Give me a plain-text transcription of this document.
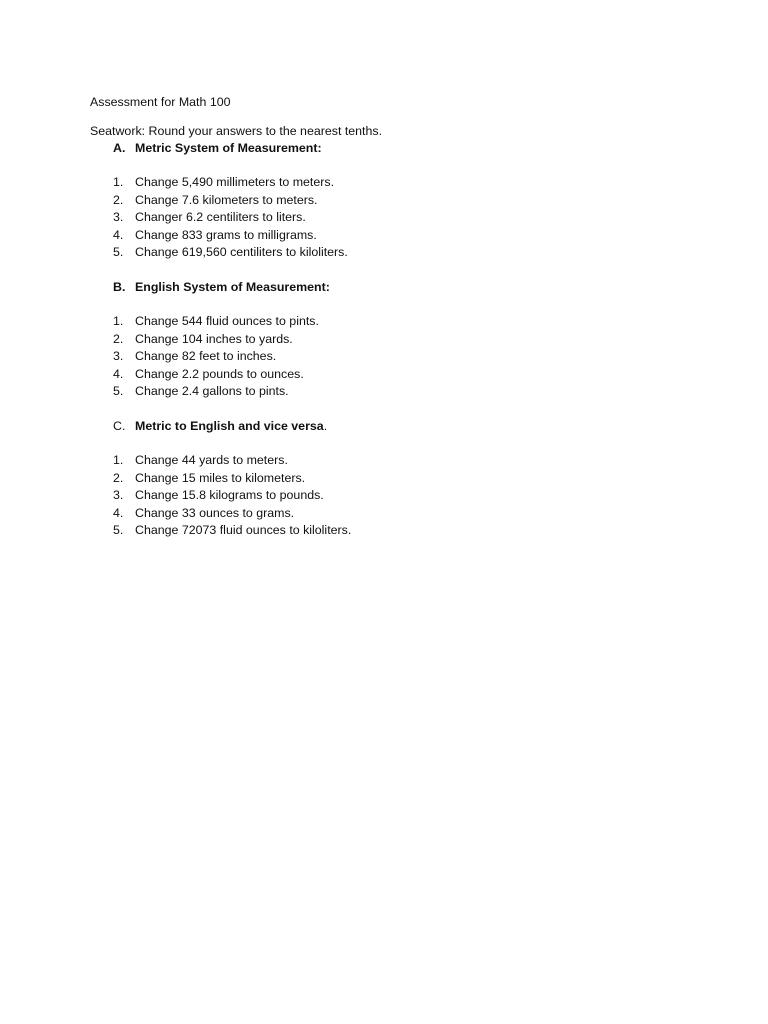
Assessment for Math 100
Seatwork: Round your answers to the nearest tenths.
A. Metric System of Measurement:
1. Change 5,490 millimeters to meters.
2. Change 7.6 kilometers to meters.
3. Changer 6.2 centiliters to liters.
4. Change 833 grams to milligrams.
5. Change 619,560 centiliters to kiloliters.
B. English System of Measurement:
1. Change 544 fluid ounces to pints.
2. Change 104 inches to yards.
3. Change 82 feet to inches.
4. Change 2.2 pounds to ounces.
5. Change 2.4 gallons to pints.
C. Metric to English and vice versa.
1. Change 44 yards to meters.
2. Change 15 miles to kilometers.
3. Change 15.8 kilograms to pounds.
4. Change 33 ounces to grams.
5. Change 72073 fluid ounces to kiloliters.
